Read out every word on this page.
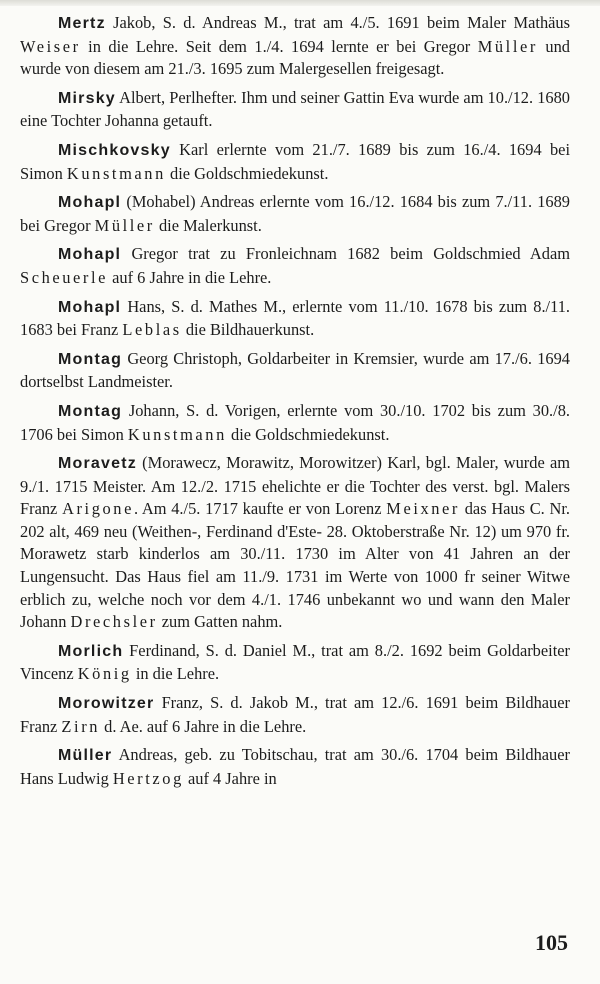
Mertz Jakob, S. d. Andreas M., trat am 4./5. 1691 beim Maler Mathäus Weiser in die Lehre. Seit dem 1./4. 1694 lernte er bei Gregor Müller und wurde von diesem am 21./3. 1695 zum Malergesellen freigesagt.

Mirsky Albert, Perlhefter. Ihm und seiner Gattin Eva wurde am 10./12. 1680 eine Tochter Johanna getauft.

Mischkovsky Karl erlernte vom 21./7. 1689 bis zum 16./4. 1694 bei Simon Kunstmann die Goldschmiedekunst.

Mohapl (Mohabel) Andreas erlernte vom 16./12. 1684 bis zum 7./11. 1689 bei Gregor Müller die Malerkunst.

Mohapl Gregor trat zu Fronleichnam 1682 beim Goldschmied Adam Scheuerle auf 6 Jahre in die Lehre.

Mohapl Hans, S. d. Mathes M., erlernte vom 11./10. 1678 bis zum 8./11. 1683 bei Franz Leblas die Bildhauerkunst.

Montag Georg Christoph, Goldarbeiter in Kremsier, wurde am 17./6. 1694 dortselbst Landmeister.

Montag Johann, S. d. Vorigen, erlernte vom 30./10. 1702 bis zum 30./8. 1706 bei Simon Kunstmann die Goldschmiedekunst.

Moravetz (Morawecz, Morawitz, Morowitzer) Karl, bgl. Maler, wurde am 9./1. 1715 Meister. Am 12./2. 1715 ehelichte er die Tochter des verst. bgl. Malers Franz Arigone. Am 4./5. 1717 kaufte er von Lorenz Meixner das Haus C. Nr. 202 alt, 469 neu (Weithen-, Ferdinand d'Este- 28. Oktoberstraße Nr. 12) um 970 fr. Morawetz starb kinderlos am 30./11. 1730 im Alter von 41 Jahren an der Lungensucht. Das Haus fiel am 11./9. 1731 im Werte von 1000 fr seiner Witwe erblich zu, welche noch vor dem 4./1. 1746 unbekannt wo und wann den Maler Johann Drechsler zum Gatten nahm.

Morlich Ferdinand, S. d. Daniel M., trat am 8./2. 1692 beim Goldarbeiter Vincenz König in die Lehre.

Morowitzer Franz, S. d. Jakob M., trat am 12./6. 1691 beim Bildhauer Franz Zirn d. Ae. auf 6 Jahre in die Lehre.

Müller Andreas, geb. zu Tobitschau, trat am 30./6. 1704 beim Bildhauer Hans Ludwig Hertzog auf 4 Jahre in

105
